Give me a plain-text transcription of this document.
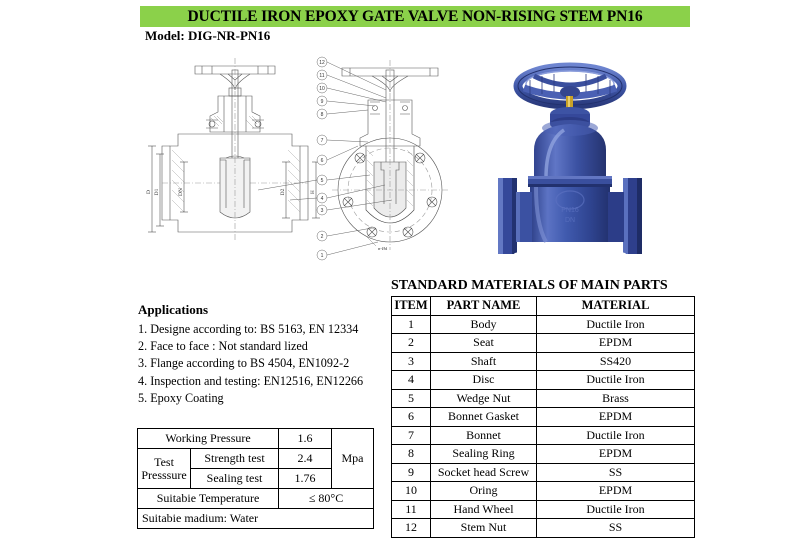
DUCTILE IRON EPOXY GATE VALVE NON-RISING STEM PN16
Model: DIG-NR-PN16
D D1	DN	D2	H
n-Ød
12
11
10
9
8
7
6
5
4
3
2
1
PN16
DN
Applications
1. Designe according to: BS 5163, EN 12334
2. Face to face : Not standard lized
3. Flange according to BS 4504, EN1092-2
4. Inspection and testing: EN12516, EN12266
5. Epoxy Coating
Working Pressure		1.6	Mpa
Test Presssure	Strength test	2.4	
	Sealing test	1.76	
Suitabie Temperature		≤ 80°C	
Suitabie madium: Water			
STANDARD MATERIALS OF MAIN PARTS
ITEM	PART NAME	MATERIAL
1	Body	Ductile Iron
2	Seat	EPDM
3	Shaft	SS420
4	Disc	Ductile Iron
5	Wedge Nut	Brass
6	Bonnet Gasket	EPDM
7	Bonnet	Ductile Iron
8	Sealing Ring	EPDM
9	Socket head Screw	SS
10	Oring	EPDM
11	Hand Wheel	Ductile Iron
12	Stem Nut	SS
